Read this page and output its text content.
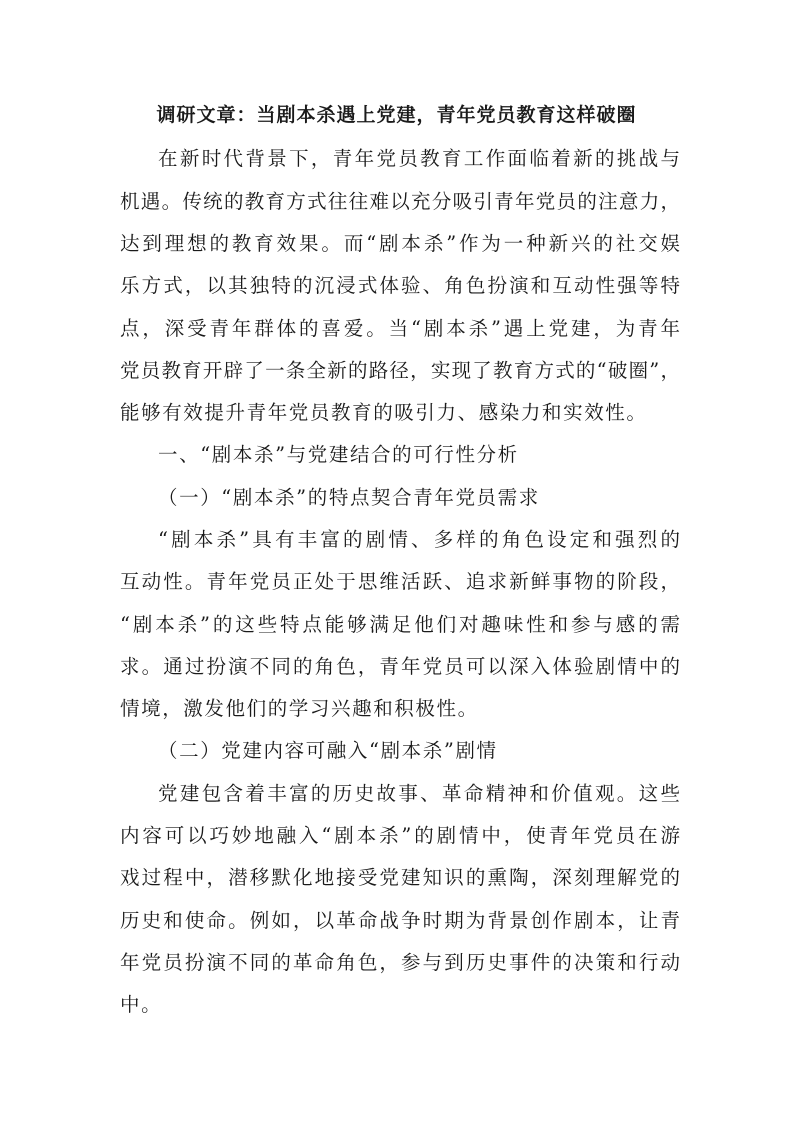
调研文章：当剧本杀遇上党建，青年党员教育这样破圈
在新时代背景下，青年党员教育工作面临着新的挑战与
机遇。传统的教育方式往往难以充分吸引青年党员的注意力，
达到理想的教育效果。而“剧本杀”作为一种新兴的社交娱
乐方式，以其独特的沉浸式体验、角色扮演和互动性强等特
点，深受青年群体的喜爱。当“剧本杀”遇上党建，为青年
党员教育开辟了一条全新的路径，实现了教育方式的“破圈”，
能够有效提升青年党员教育的吸引力、感染力和实效性。
一、“剧本杀”与党建结合的可行性分析
（一）“剧本杀”的特点契合青年党员需求
“剧本杀”具有丰富的剧情、多样的角色设定和强烈的
互动性。青年党员正处于思维活跃、追求新鲜事物的阶段，
“剧本杀”的这些特点能够满足他们对趣味性和参与感的需
求。通过扮演不同的角色，青年党员可以深入体验剧情中的
情境，激发他们的学习兴趣和积极性。
（二）党建内容可融入“剧本杀”剧情
党建包含着丰富的历史故事、革命精神和价值观。这些
内容可以巧妙地融入“剧本杀”的剧情中，使青年党员在游
戏过程中，潜移默化地接受党建知识的熏陶，深刻理解党的
历史和使命。例如，以革命战争时期为背景创作剧本，让青
年党员扮演不同的革命角色，参与到历史事件的决策和行动
中。
